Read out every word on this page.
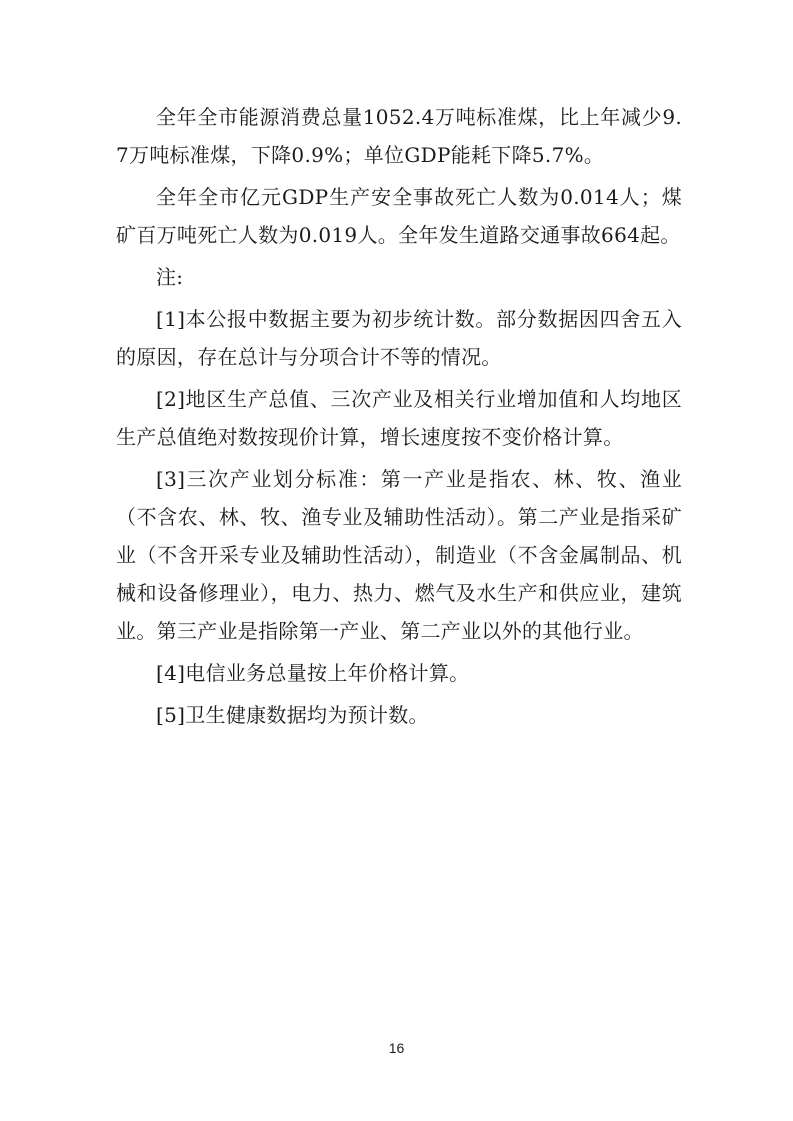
全年全市能源消费总量1052.4万吨标准煤，比上年减少9.7万吨标准煤，下降0.9%；单位GDP能耗下降5.7%。

全年全市亿元GDP生产安全事故死亡人数为0.014人；煤矿百万吨死亡人数为0.019人。全年发生道路交通事故664起。

注:

[1]本公报中数据主要为初步统计数。部分数据因四舍五入的原因，存在总计与分项合计不等的情况。

[2]地区生产总值、三次产业及相关行业增加值和人均地区生产总值绝对数按现价计算，增长速度按不变价格计算。

[3]三次产业划分标准：第一产业是指农、林、牧、渔业（不含农、林、牧、渔专业及辅助性活动）。第二产业是指采矿业（不含开采专业及辅助性活动），制造业（不含金属制品、机械和设备修理业），电力、热力、燃气及水生产和供应业，建筑业。第三产业是指除第一产业、第二产业以外的其他行业。

[4]电信业务总量按上年价格计算。

[5]卫生健康数据均为预计数。

16
